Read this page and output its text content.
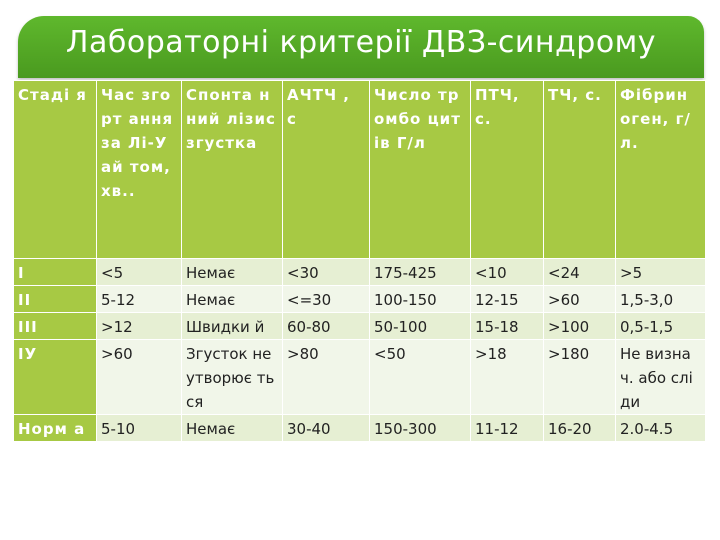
Лабораторні критерії ДВЗ-синдрому
Стаді я	Час згорт ання за Лі-Уай том, хв..	Спонта нний лізис згустка	АЧТЧ , с	Число тромбо цитів Г/л	ПТЧ, с.	ТЧ, с.	Фібрин оген, г/л.
I	<5	Немає	<30	175-425	<10	<24	>5
II	5-12	Немає	<=30	100-150	12-15	>60	1,5-3,0
III	>12	Швидки й	60-80	50-100	15-18	>100	0,5-1,5
IУ	>60	Згусток не утворює ться	>80	<50	>18	>180	Не визнач. або сліди
Норм а	5-10	Немає	30-40	150-300	11-12	16-20	2.0-4.5
